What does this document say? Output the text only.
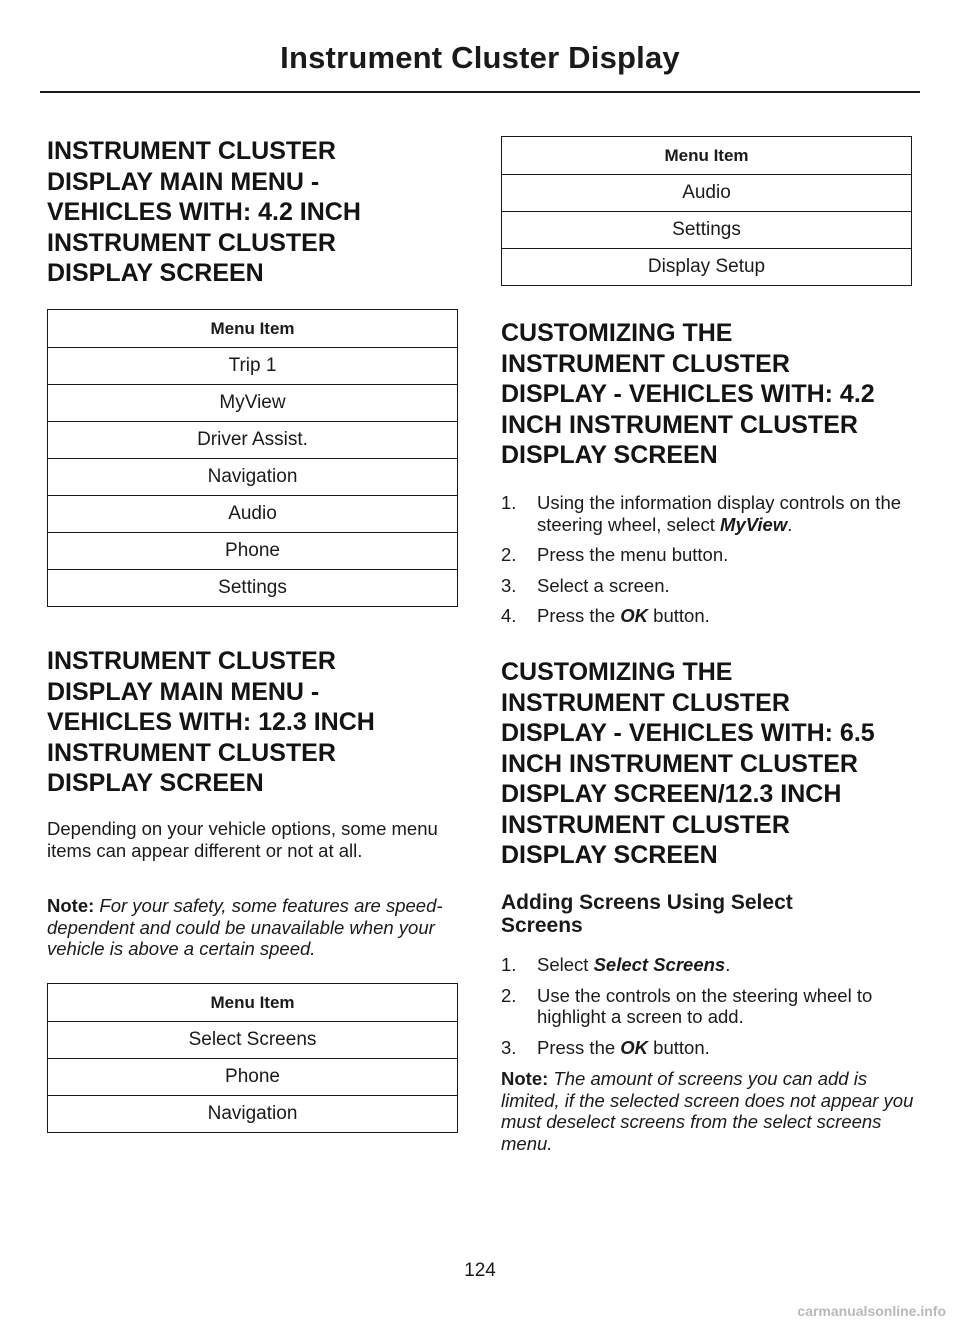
Instrument Cluster Display
INSTRUMENT CLUSTER
DISPLAY MAIN MENU -
VEHICLES WITH: 4.2 INCH
INSTRUMENT CLUSTER
DISPLAY SCREEN
Menu Item
Trip 1
MyView
Driver Assist.
Navigation
Audio
Phone
Settings
INSTRUMENT CLUSTER
DISPLAY MAIN MENU -
VEHICLES WITH: 12.3 INCH
INSTRUMENT CLUSTER
DISPLAY SCREEN

Depending on your vehicle options, some menu items can appear different or not at all.

Note: For your safety, some features are speed-dependent and could be unavailable when your vehicle is above a certain speed.

Menu Item
Select Screens
Phone
Navigation
Menu Item
Audio
Settings
Display Setup
CUSTOMIZING THE
INSTRUMENT CLUSTER
DISPLAY - VEHICLES WITH: 4.2
INCH INSTRUMENT CLUSTER
DISPLAY SCREEN
1. Using the information display controls on the steering wheel, select MyView.
2. Press the menu button.
3. Select a screen.
4. Press the OK button.
CUSTOMIZING THE
INSTRUMENT CLUSTER
DISPLAY - VEHICLES WITH: 6.5
INCH INSTRUMENT CLUSTER
DISPLAY SCREEN/12.3 INCH
INSTRUMENT CLUSTER
DISPLAY SCREEN
Adding Screens Using Select
Screens
1. Select Select Screens.
2. Use the controls on the steering wheel to highlight a screen to add.
3. Press the OK button.

Note: The amount of screens you can add is limited, if the selected screen does not appear you must deselect screens from the select screens menu.

124
carmanualsonline.info
